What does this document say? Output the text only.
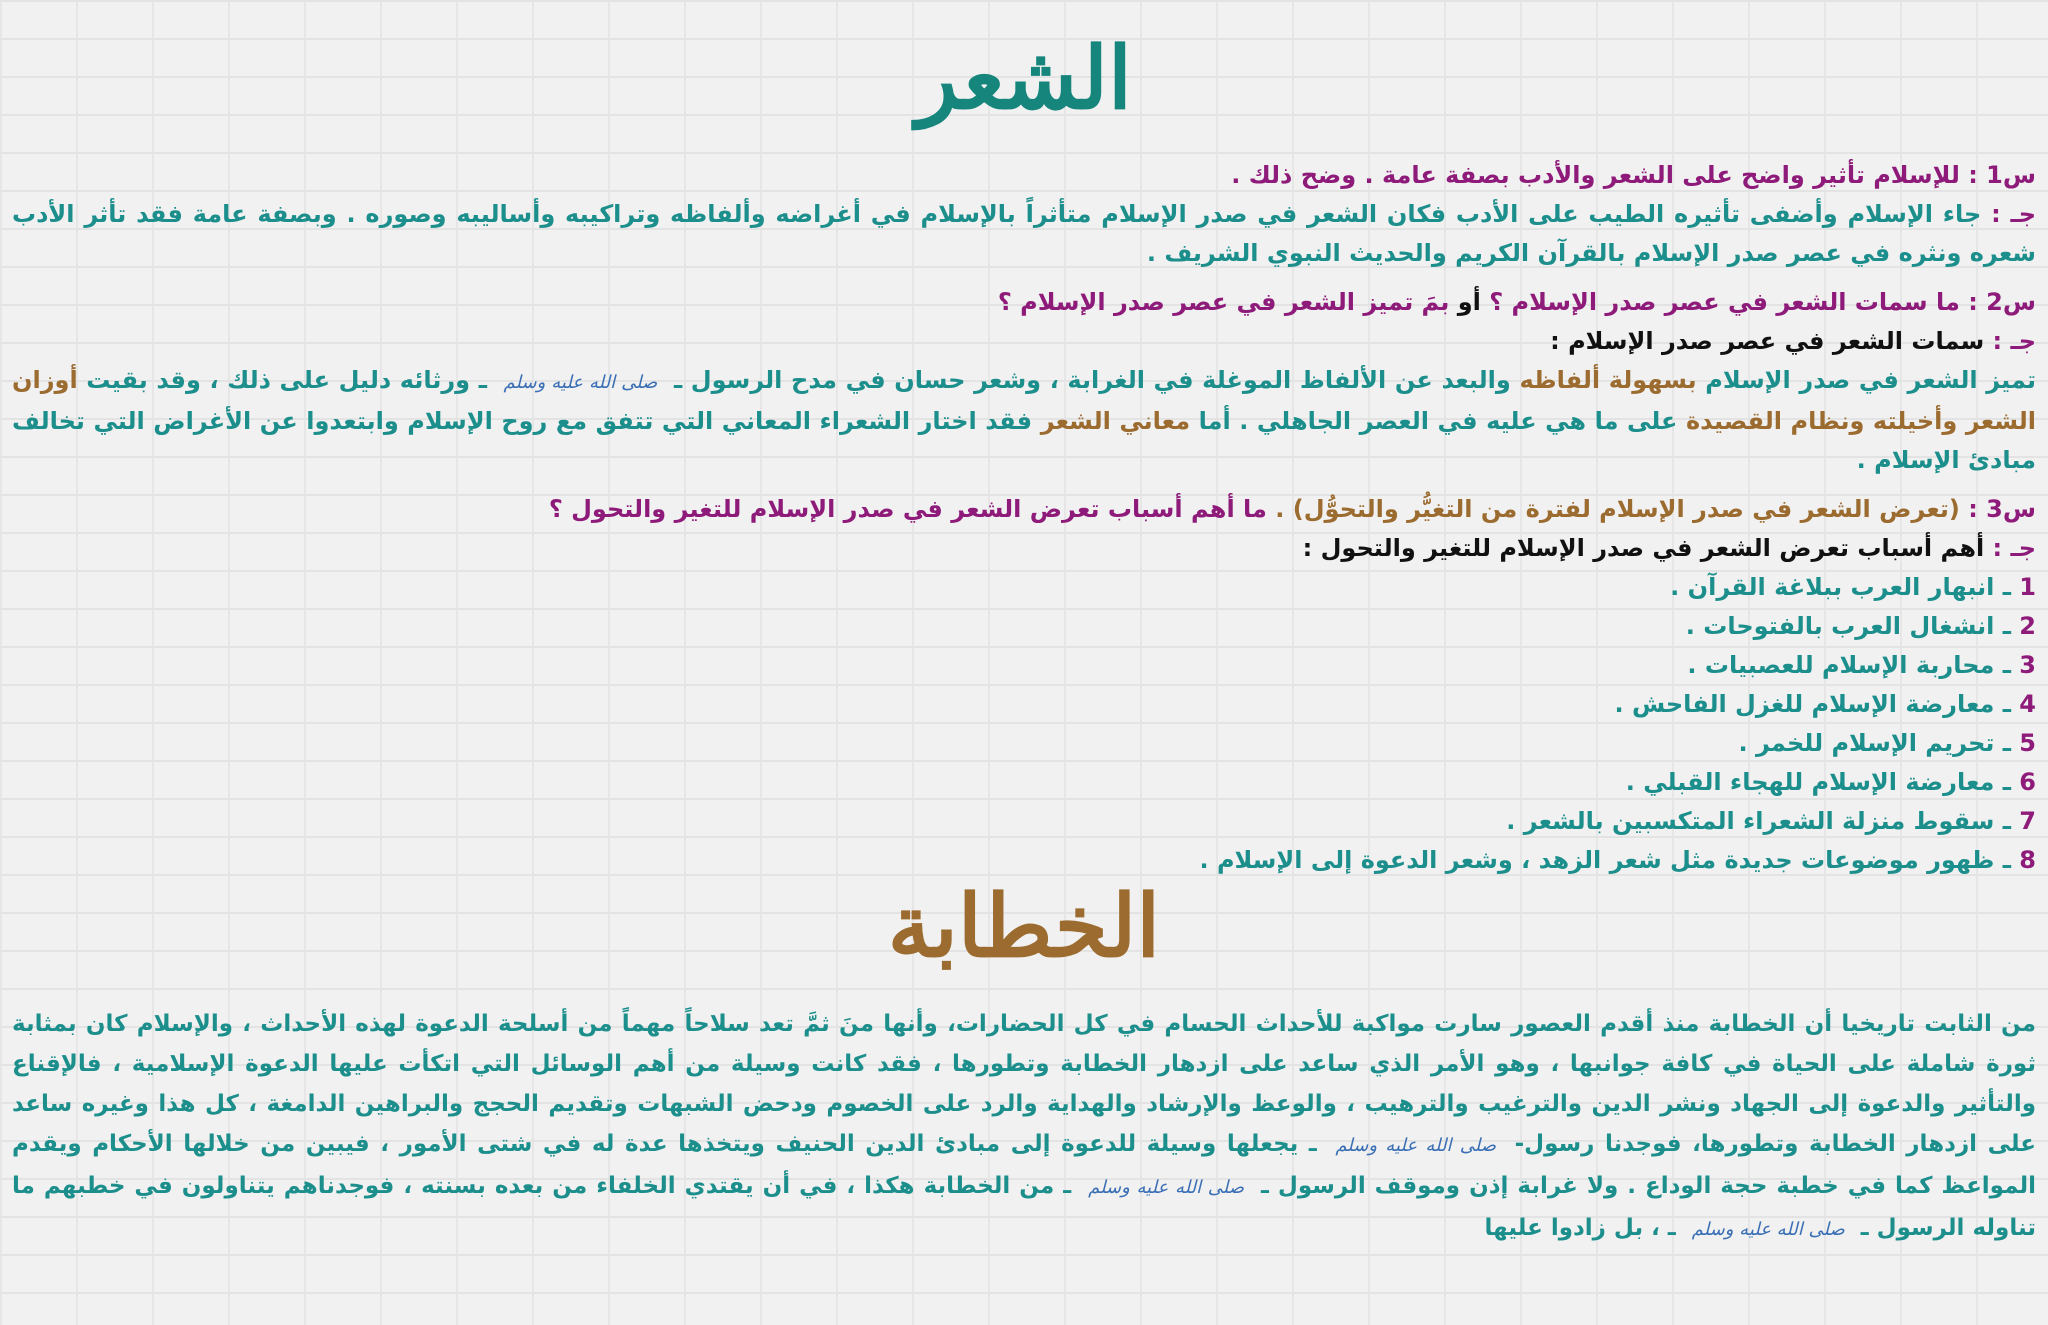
الشعر
س1 : للإسلام تأثير واضح على الشعر والأدب بصفة عامة . وضح ذلك .
جـ : جاء الإسلام وأضفى تأثيره الطيب على الأدب فكان الشعر في صدر الإسلام متأثراً بالإسلام في أغراضه وألفاظه وتراكيبه وأساليبه وصوره . وبصفة عامة فقد تأثر الأدب شعره ونثره في عصر صدر الإسلام بالقرآن الكريم والحديث النبوي الشريف .
س2 : ما سمات الشعر في عصر صدر الإسلام ؟ أو بمَ تميز الشعر في عصر صدر الإسلام ؟
جـ : سمات الشعر في عصر صدر الإسلام :
تميز الشعر في صدر الإسلام بسهولة ألفاظه والبعد عن الألفاظ الموغلة في الغرابة ، وشعر حسان في مدح الرسول ـ صلى الله عليه وسلم ـ ورثائه دليل على ذلك ، وقد بقيت أوزان الشعر وأخيلته ونظام القصيدة على ما هي عليه في العصر الجاهلي . أما معاني الشعر فقد اختار الشعراء المعاني التي تتفق مع روح الإسلام وابتعدوا عن الأغراض التي تخالف مبادئ الإسلام .
س3 : (تعرض الشعر في صدر الإسلام لفترة من التغيُّر والتحوُّل) . ما أهم أسباب تعرض الشعر في صدر الإسلام للتغير والتحول ؟
جـ : أهم أسباب تعرض الشعر في صدر الإسلام للتغير والتحول :
1 ـ انبهار العرب ببلاغة القرآن .
2 ـ انشغال العرب بالفتوحات .
3 ـ محاربة الإسلام للعصبيات .
4 ـ معارضة الإسلام للغزل الفاحش .
5 ـ تحريم الإسلام للخمر .
6 ـ معارضة الإسلام للهجاء القبلي .
7 ـ سقوط منزلة الشعراء المتكسبين بالشعر .
8 ـ ظهور موضوعات جديدة مثل شعر الزهد ، وشعر الدعوة إلى الإسلام .
الخطابة
من الثابت تاريخيا أن الخطابة منذ أقدم العصور سارت مواكبة للأحداث الحسام في كل الحضارات، وأنها منَ ثمَّ تعد سلاحاً مهماً من أسلحة الدعوة لهذه الأحداث ، والإسلام كان بمثابة ثورة شاملة على الحياة في كافة جوانبها ، وهو الأمر الذي ساعد على ازدهار الخطابة وتطورها ، فقد كانت وسيلة من أهم الوسائل التي اتكأت عليها الدعوة الإسلامية ، فالإقناع والتأثير والدعوة إلى الجهاد ونشر الدين والترغيب والترهيب ، والوعظ والإرشاد والهداية والرد على الخصوم ودحض الشبهات وتقديم الحجج والبراهين الدامغة ، كل هذا وغيره ساعد على ازدهار الخطابة وتطورها، فوجدنا رسول- صلى الله عليه وسلم ـ يجعلها وسيلة للدعوة إلى مبادئ الدين الحنيف ويتخذها عدة له في شتى الأمور ، فيبين من خلالها الأحكام ويقدم المواعظ كما في خطبة حجة الوداع . ولا غرابة إذن وموقف الرسول ـ صلى الله عليه وسلم ـ من الخطابة هكذا ، في أن يقتدي الخلفاء من بعده بسنته ، فوجدناهم يتناولون في خطبهم ما تناوله الرسول ـ صلى الله عليه وسلم ـ ، بل زادوا عليها
